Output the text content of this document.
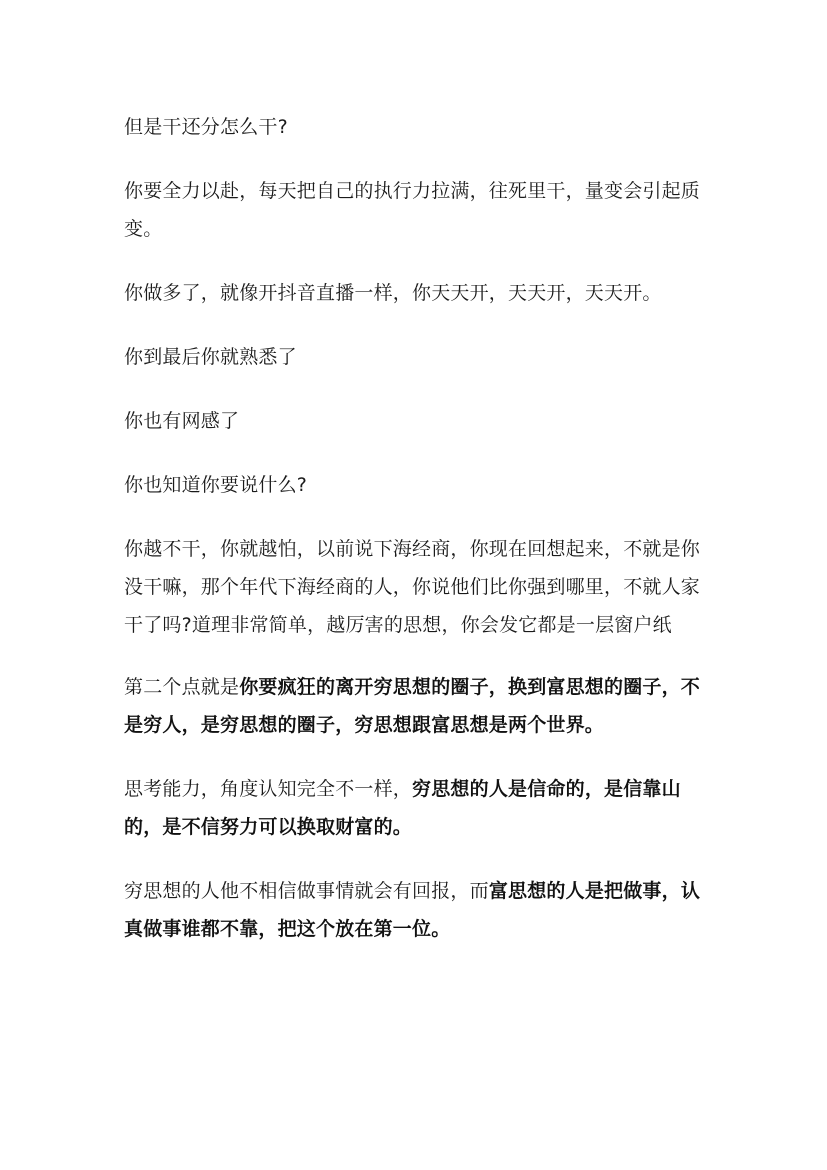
但是干还分怎么干?

你要全力以赴，每天把自己的执行力拉满，往死里干，量变会引起质变。

你做多了，就像开抖音直播一样，你天天开，天天开，天天开。

你到最后你就熟悉了

你也有网感了

你也知道你要说什么?

你越不干，你就越怕，以前说下海经商，你现在回想起来，不就是你没干嘛，那个年代下海经商的人，你说他们比你强到哪里，不就人家干了吗?道理非常简单，越厉害的思想，你会发它都是一层窗户纸

第二个点就是你要疯狂的离开穷思想的圈子，换到富思想的圈子，不是穷人，是穷思想的圈子，穷思想跟富思想是两个世界。

思考能力，角度认知完全不一样，穷思想的人是信命的，是信靠山的，是不信努力可以换取财富的。

穷思想的人他不相信做事情就会有回报，而富思想的人是把做事，认真做事谁都不靠，把这个放在第一位。
